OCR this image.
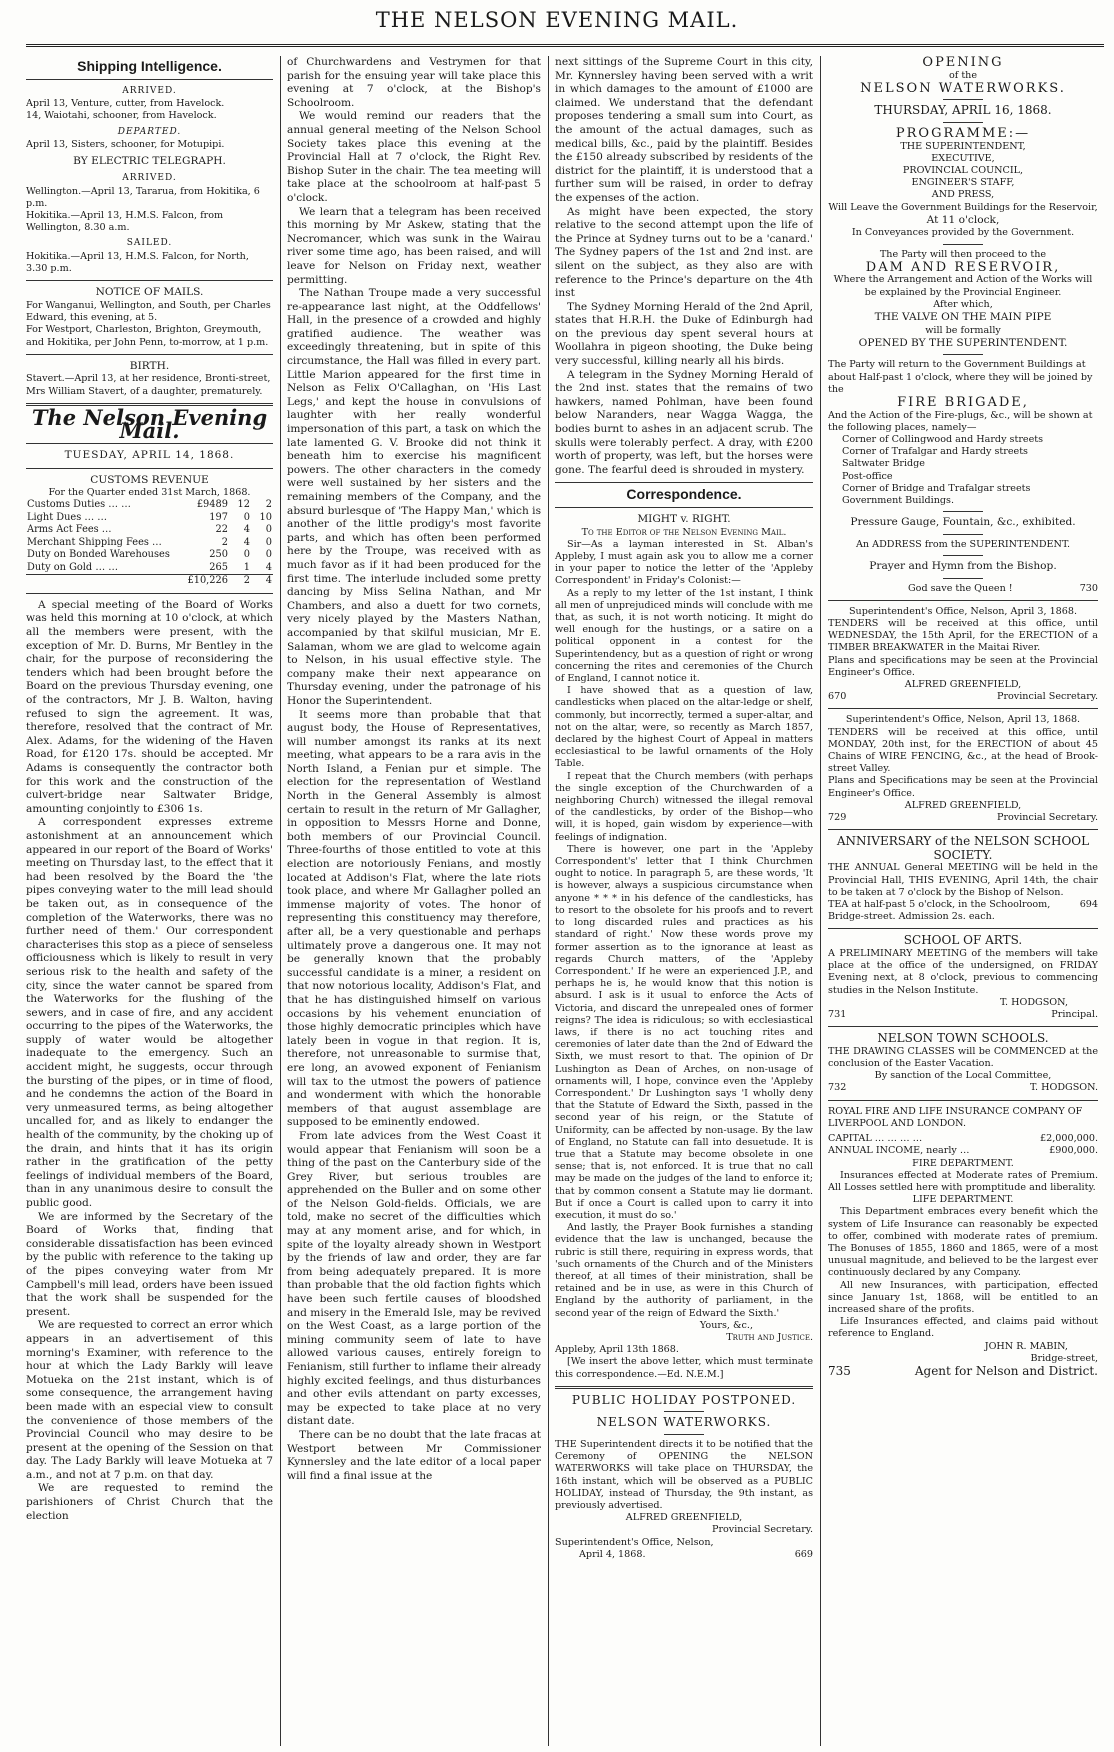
THE NELSON EVENING MAIL.
Shipping Intelligence.
ARRIVED.
April 13, Venture, cutter, from Havelock.
14, Waiotahi, schooner, from Havelock.
DEPARTED.
April 13, Sisters, schooner, for Motupipi.
BY ELECTRIC TELEGRAPH.
ARRIVED.
Wellington.—April 13, Tararua, from Hokitika, 6 p.m.
Hokitika.—April 13, H.M.S. Falcon, from Wellington, 8.30 a.m.
SAILED.
Hokitika.—April 13, H.M.S. Falcon, for North, 3.30 p.m.
NOTICE OF MAILS.
For Wanganui, Wellington, and South, per Charles Edward, this evening, at 5.
For Westport, Charleston, Brighton, Greymouth, and Hokitika, per John Penn, to-morrow, at 1 p.m.
BIRTH.
Stavert.—April 13, at her residence, Bronti-street, Mrs William Stavert, of a daughter, prematurely.
The Nelson Evening Mail.
TUESDAY, APRIL 14, 1868.
CUSTOMS REVENUE
For the Quarter ended 31st March, 1868.
Customs Duties … …	£9489	12	2
Light Dues … …	197	0	10
Arms Act Fees …	22	4	0
Merchant Shipping Fees …	2	4	0
Duty on Bonded Warehouses	250	0	0
Duty on Gold … …	265	1	4
	£10,226	2	4

A special meeting of the Board of Works was held this morning at 10 o'clock, at which all the members were present, with the exception of Mr. D. Burns, Mr Bentley in the chair, for the purpose of reconsidering the tenders which had been brought before the Board on the previous Thursday evening, one of the contractors, Mr J. B. Walton, having refused to sign the agreement. It was, therefore, resolved that the contract of Mr. Alex. Adams, for the widening of the Haven Road, for £120 17s. should be accepted. Mr Adams is consequently the contractor both for this work and the construction of the culvert-bridge near Saltwater Bridge, amounting conjointly to £306 1s.

A correspondent expresses extreme astonishment at an announcement which appeared in our report of the Board of Works' meeting on Thursday last, to the effect that it had been resolved by the Board the 'the pipes conveying water to the mill lead should be taken out, as in consequence of the completion of the Waterworks, there was no further need of them.' Our correspondent characterises this stop as a piece of senseless officiousness which is likely to result in very serious risk to the health and safety of the city, since the water cannot be spared from the Waterworks for the flushing of the sewers, and in case of fire, and any accident occurring to the pipes of the Waterworks, the supply of water would be altogether inadequate to the emergency. Such an accident might, he suggests, occur through the bursting of the pipes, or in time of flood, and he condemns the action of the Board in very unmeasured terms, as being altogether uncalled for, and as likely to endanger the health of the community, by the choking up of the drain, and hints that it has its origin rather in the gratification of the petty feelings of individual members of the Board, than in any unanimous desire to consult the public good.

We are informed by the Secretary of the Board of Works that, finding that considerable dissatisfaction has been evinced by the public with reference to the taking up of the pipes conveying water from Mr Campbell's mill lead, orders have been issued that the work shall be suspended for the present.

We are requested to correct an error which appears in an advertisement of this morning's Examiner, with reference to the hour at which the Lady Barkly will leave Motueka on the 21st instant, which is of some consequence, the arrangement having been made with an especial view to consult the convenience of those members of the Provincial Council who may desire to be present at the opening of the Session on that day. The Lady Barkly will leave Motueka at 7 a.m., and not at 7 p.m. on that day.

We are requested to remind the parishioners of Christ Church that the election

of Churchwardens and Vestrymen for that parish for the ensuing year will take place this evening at 7 o'clock, at the Bishop's Schoolroom.

We would remind our readers that the annual general meeting of the Nelson School Society takes place this evening at the Provincial Hall at 7 o'clock, the Right Rev. Bishop Suter in the chair. The tea meeting will take place at the schoolroom at half-past 5 o'clock.

We learn that a telegram has been received this morning by Mr Askew, stating that the Necromancer, which was sunk in the Wairau river some time ago, has been raised, and will leave for Nelson on Friday next, weather permitting.

The Nathan Troupe made a very successful re-appearance last night, at the Oddfellows' Hall, in the presence of a crowded and highly gratified audience. The weather was exceedingly threatening, but in spite of this circumstance, the Hall was filled in every part. Little Marion appeared for the first time in Nelson as Felix O'Callaghan, on 'His Last Legs,' and kept the house in convulsions of laughter with her really wonderful impersonation of this part, a task on which the late lamented G. V. Brooke did not think it beneath him to exercise his magnificent powers. The other characters in the comedy were well sustained by her sisters and the remaining members of the Company, and the absurd burlesque of 'The Happy Man,' which is another of the little prodigy's most favorite parts, and which has often been performed here by the Troupe, was received with as much favor as if it had been produced for the first time. The interlude included some pretty dancing by Miss Selina Nathan, and Mr Chambers, and also a duett for two cornets, very nicely played by the Masters Nathan, accompanied by that skilful musician, Mr E. Salaman, whom we are glad to welcome again to Nelson, in his usual effective style. The company make their next appearance on Thursday evening, under the patronage of his Honor the Superintendent.

It seems more than probable that that august body, the House of Representatives, will number amongst its ranks at its next meeting, what appears to be a rara avis in the North Island, a Fenian pur et simple. The election for the representation of Westland North in the General Assembly is almost certain to result in the return of Mr Gallagher, in opposition to Messrs Horne and Donne, both members of our Provincial Council. Three-fourths of those entitled to vote at this election are notoriously Fenians, and mostly located at Addison's Flat, where the late riots took place, and where Mr Gallagher polled an immense majority of votes. The honor of representing this constituency may therefore, after all, be a very questionable and perhaps ultimately prove a dangerous one. It may not be generally known that the probably successful candidate is a miner, a resident on that now notorious locality, Addison's Flat, and that he has distinguished himself on various occasions by his vehement enunciation of those highly democratic principles which have lately been in vogue in that region. It is, therefore, not unreasonable to surmise that, ere long, an avowed exponent of Fenianism will tax to the utmost the powers of patience and wonderment with which the honorable members of that august assemblage are supposed to be eminently endowed.

From late advices from the West Coast it would appear that Fenianism will soon be a thing of the past on the Canterbury side of the Grey River, but serious troubles are apprehended on the Buller and on some other of the Nelson Gold-fields. Officials, we are told, make no secret of the difficulties which may at any moment arise, and for which, in spite of the loyalty already shown in Westport by the friends of law and order, they are far from being adequately prepared. It is more than probable that the old faction fights which have been such fertile causes of bloodshed and misery in the Emerald Isle, may be revived on the West Coast, as a large portion of the mining community seem of late to have allowed various causes, entirely foreign to Fenianism, still further to inflame their already highly excited feelings, and thus disturbances and other evils attendant on party excesses, may be expected to take place at no very distant date.

There can be no doubt that the late fracas at Westport between Mr Commissioner Kynnersley and the late editor of a local paper will find a final issue at the

next sittings of the Supreme Court in this city, Mr. Kynnersley having been served with a writ in which damages to the amount of £1000 are claimed. We understand that the defendant proposes tendering a small sum into Court, as the amount of the actual damages, such as medical bills, &c., paid by the plaintiff. Besides the £150 already subscribed by residents of the district for the plaintiff, it is understood that a further sum will be raised, in order to defray the expenses of the action.

As might have been expected, the story relative to the second attempt upon the life of the Prince at Sydney turns out to be a 'canard.' The Sydney papers of the 1st and 2nd inst. are silent on the subject, as they also are with reference to the Prince's departure on the 4th inst

The Sydney Morning Herald of the 2nd April, states that H.R.H. the Duke of Edinburgh had on the previous day spent several hours at Woollahra in pigeon shooting, the Duke being very successful, killing nearly all his birds.

A telegram in the Sydney Morning Herald of the 2nd inst. states that the remains of two hawkers, named Pohlman, have been found below Naranders, near Wagga Wagga, the bodies burnt to ashes in an adjacent scrub. The skulls were tolerably perfect. A dray, with £200 worth of property, was left, but the horses were gone. The fearful deed is shrouded in mystery.

Correspondence.
MIGHT v. RIGHT.
To the Editor of the Nelson Evening Mail.

Sir—As a layman interested in St. Alban's Appleby, I must again ask you to allow me a corner in your paper to notice the letter of the 'Appleby Correspondent' in Friday's Colonist:—

As a reply to my letter of the 1st instant, I think all men of unprejudiced minds will conclude with me that, as such, it is not worth noticing. It might do well enough for the hustings, or a satire on a political opponent in a contest for the Superintendency, but as a question of right or wrong concerning the rites and ceremonies of the Church of England, I cannot notice it.

I have showed that as a question of law, candlesticks when placed on the altar-ledge or shelf, commonly, but incorrectly, termed a super-altar, and not on the altar, were, so recently as March 1857, declared by the highest Court of Appeal in matters ecclesiastical to be lawful ornaments of the Holy Table.

I repeat that the Church members (with perhaps the single exception of the Churchwarden of a neighboring Church) witnessed the illegal removal of the candlesticks, by order of the Bishop—who will, it is hoped, gain wisdom by experience—with feelings of indignation.

There is however, one part in the 'Appleby Correspondent's' letter that I think Churchmen ought to notice. In paragraph 5, are these words, 'It is however, always a suspicious circumstance when anyone * * * in his defence of the candlesticks, has to resort to the obsolete for his proofs and to revert to long discarded rules and practices as his standard of right.' Now these words prove my former assertion as to the ignorance at least as regards Church matters, of the 'Appleby Correspondent.' If he were an experienced J.P., and perhaps he is, he would know that this notion is absurd. I ask is it usual to enforce the Acts of Victoria, and discard the unrepealed ones of former reigns? The idea is ridiculous; so with ecclesiastical laws, if there is no act touching rites and ceremonies of later date than the 2nd of Edward the Sixth, we must resort to that. The opinion of Dr Lushington as Dean of Arches, on non-usage of ornaments will, I hope, convince even the 'Appleby Correspondent.' Dr Lushington says 'I wholly deny that the Statute of Edward the Sixth, passed in the second year of his reign, or the Statute of Uniformity, can be affected by non-usage. By the law of England, no Statute can fall into desuetude. It is true that a Statute may become obsolete in one sense; that is, not enforced. It is true that no call may be made on the judges of the land to enforce it; that by common consent a Statute may lie dormant. But if once a Court is called upon to carry it into execution, it must do so.'

And lastly, the Prayer Book furnishes a standing evidence that the law is unchanged, because the rubric is still there, requiring in express words, that 'such ornaments of the Church and of the Ministers thereof, at all times of their ministration, shall be retained and be in use, as were in this Church of England by the authority of parliament, in the second year of the reign of Edward the Sixth.'

Yours, &c.,
Truth and Justice.
Appleby, April 13th 1868.

[We insert the above letter, which must terminate this correspondence.—Ed. N.E.M.]

PUBLIC HOLIDAY POSTPONED.
NELSON WATERWORKS.

THE Superintendent directs it to be notified that the Ceremony of OPENING the NELSON WATERWORKS will take place on THURSDAY, the 16th instant, which will be observed as a PUBLIC HOLIDAY, instead of Thursday, the 9th instant, as previously advertised.

ALFRED GREENFIELD,
Provincial Secretary.
Superintendent's Office, Nelson,
April 4, 1868.	669
OPENING
of the
NELSON WATERWORKS.
THURSDAY, APRIL 16, 1868.
PROGRAMME:—
THE SUPERINTENDENT,
EXECUTIVE,
PROVINCIAL COUNCIL,
ENGINEER'S STAFF,
AND PRESS,
Will Leave the Government Buildings for the Reservoir,
At 11 o'clock,
In Conveyances provided by the Government.
The Party will then proceed to the
DAM AND RESERVOIR,
Where the Arrangement and Action of the Works will be explained by the Provincial Engineer.
After which,
THE VALVE ON THE MAIN PIPE
will be formally
OPENED BY THE SUPERINTENDENT.
The Party will return to the Government Buildings at about Half-past 1 o'clock, where they will be joined by the
FIRE BRIGADE,
And the Action of the Fire-plugs, &c., will be shown at the following places, namely—
Corner of Collingwood and Hardy streets
Corner of Trafalgar and Hardy streets
Saltwater Bridge
Post-office
Corner of Bridge and Trafalgar streets
Government Buildings.
Pressure Gauge, Fountain, &c., exhibited.
An ADDRESS from the SUPERINTENDENT.
Prayer and Hymn from the Bishop.
God save the Queen !	730
Superintendent's Office, Nelson, April 3, 1868.

TENDERS will be received at this office, until WEDNESDAY, the 15th April, for the ERECTION of a TIMBER BREAKWATER in the Maitai River.

Plans and specifications may be seen at the Provincial Engineer's Office.

ALFRED GREENFIELD,
670	Provincial Secretary.
Superintendent's Office, Nelson, April 13, 1868.

TENDERS will be received at this office, until MONDAY, 20th inst, for the ERECTION of about 45 Chains of WIRE FENCING, &c., at the head of Brook-street Valley.

Plans and Specifications may be seen at the Provincial Engineer's Office.

ALFRED GREENFIELD,
729	Provincial Secretary.
ANNIVERSARY of the NELSON SCHOOL SOCIETY.

THE ANNUAL General MEETING will be held in the Provincial Hall, THIS EVENING, April 14th, the chair to be taken at 7 o'clock by the Bishop of Nelson.

TEA at half-past 5 o'clock, in the Schoolroom, Bridge-street. Admission 2s. each.
694
SCHOOL OF ARTS.

A PRELIMINARY MEETING of the members will take place at the office of the undersigned, on FRIDAY Evening next, at 8 o'clock, previous to commencing studies in the Nelson Institute.

T. HODGSON,
731	Principal.
NELSON TOWN SCHOOLS.

THE DRAWING CLASSES will be COMMENCED at the conclusion of the Easter Vacation.

By sanction of the Local Committee,
732	T. HODGSON.
ROYAL FIRE AND LIFE INSURANCE COMPANY OF LIVERPOOL AND LONDON.
CAPITAL … … … …	£2,000,000.
ANNUAL INCOME, nearly …	£900,000.
FIRE DEPARTMENT.

Insurances effected at Moderate rates of Premium. All Losses settled here with promptitude and liberality.

LIFE DEPARTMENT.

This Department embraces every benefit which the system of Life Insurance can reasonably be expected to offer, combined with moderate rates of premium. The Bonuses of 1855, 1860 and 1865, were of a most unusual magnitude, and believed to be the largest ever continuously declared by any Company.

All new Insurances, with participation, effected since January 1st, 1868, will be entitled to an increased share of the profits.

Life Insurances effected, and claims paid without reference to England.

JOHN R. MABIN,
Bridge-street,
735	Agent for Nelson and District.
